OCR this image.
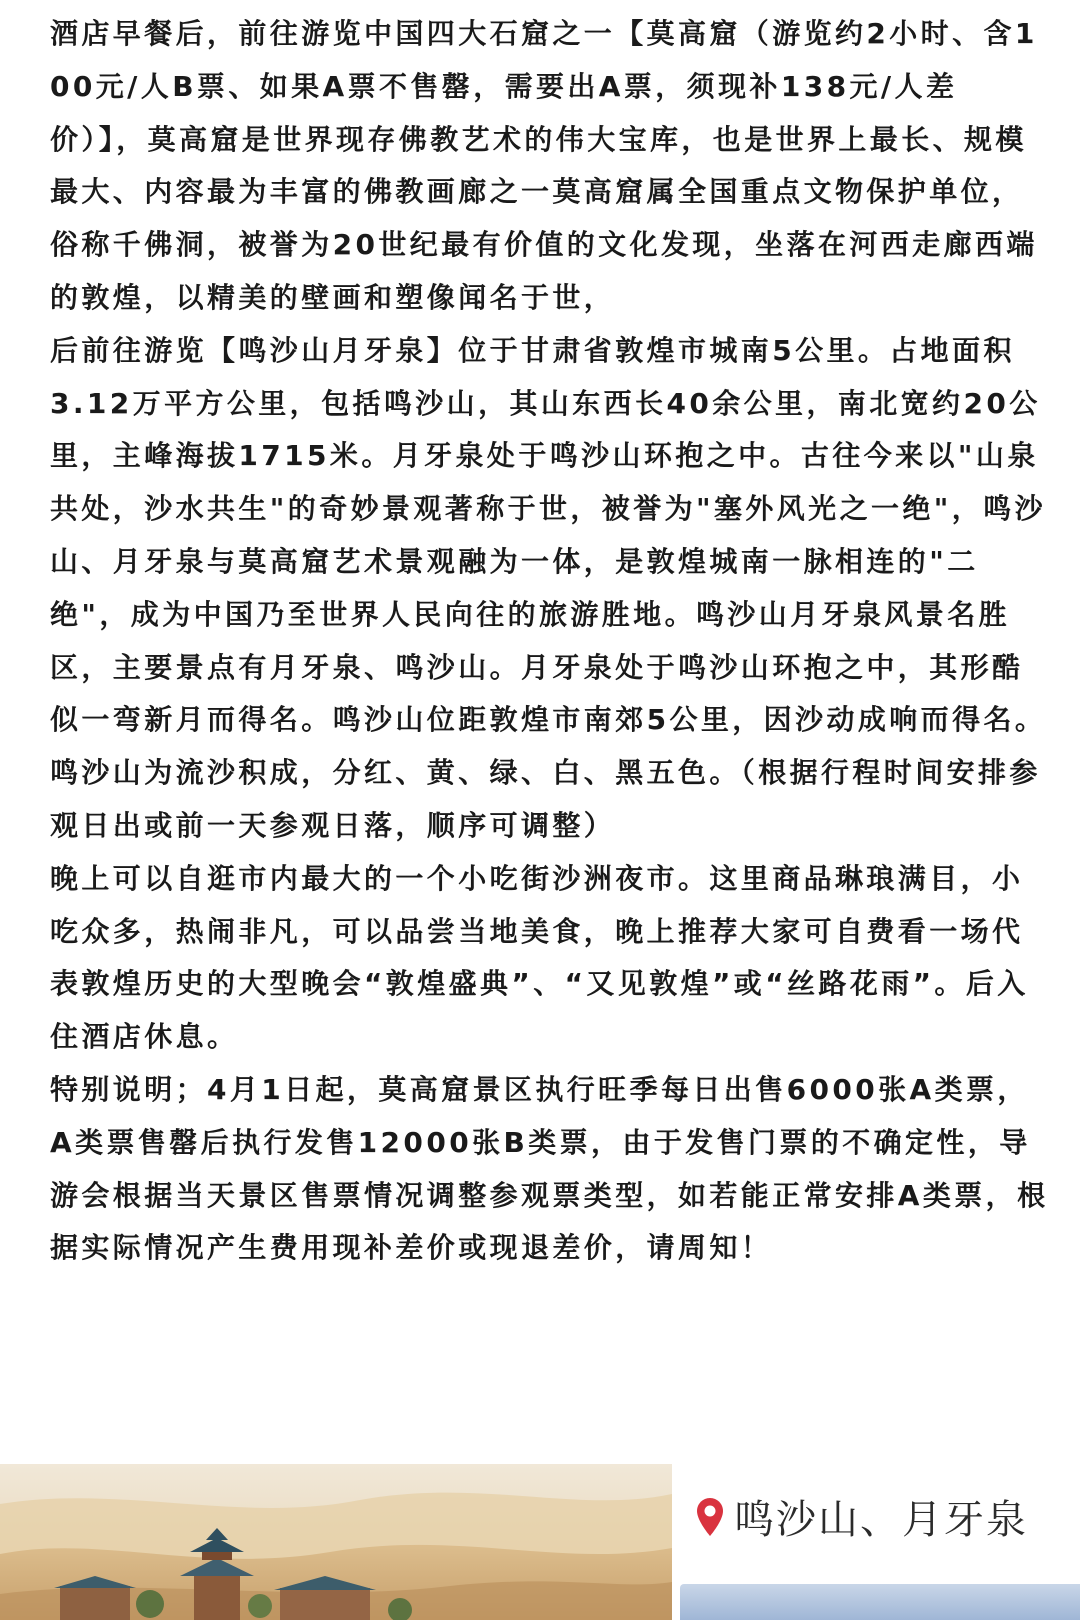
酒店早餐后，前往游览中国四大石窟之一【莫高窟（游览约2小时、含100元/人B票、如果A票不售罄，需要出A票，须现补138元/人差价）】，莫高窟是世界现存佛教艺术的伟大宝库，也是世界上最长、规模最大、内容最为丰富的佛教画廊之一莫高窟属全国重点文物保护单位，俗称千佛洞，被誉为20世纪最有价值的文化发现，坐落在河西走廊西端的敦煌，以精美的壁画和塑像闻名于世，

后前往游览【鸣沙山月牙泉】位于甘肃省敦煌市城南5公里。占地面积3.12万平方公里，包括鸣沙山，其山东西长40余公里，南北宽约20公里，主峰海拔1715米。月牙泉处于鸣沙山环抱之中。古往今来以"山泉共处，沙水共生"的奇妙景观著称于世，被誉为"塞外风光之一绝"，鸣沙山、月牙泉与莫高窟艺术景观融为一体，是敦煌城南一脉相连的"二绝"，成为中国乃至世界人民向往的旅游胜地。鸣沙山月牙泉风景名胜区，主要景点有月牙泉、鸣沙山。月牙泉处于鸣沙山环抱之中，其形酷似一弯新月而得名。鸣沙山位距敦煌市南郊5公里，因沙动成响而得名。鸣沙山为流沙积成，分红、黄、绿、白、黑五色。（根据行程时间安排参观日出或前一天参观日落，顺序可调整）

晚上可以自逛市内最大的一个小吃街沙洲夜市。这里商品琳琅满目，小吃众多，热闹非凡，可以品尝当地美食，晚上推荐大家可自费看一场代表敦煌历史的大型晚会“敦煌盛典”、“又见敦煌”或“丝路花雨”。后入住酒店休息。

特别说明；4月1日起，莫高窟景区执行旺季每日出售6000张A类票，A类票售罄后执行发售12000张B类票，由于发售门票的不确定性，导游会根据当天景区售票情况调整参观票类型，如若能正常安排A类票，根据实际情况产生费用现补差价或现退差价，请周知！

鸣沙山、月牙泉
